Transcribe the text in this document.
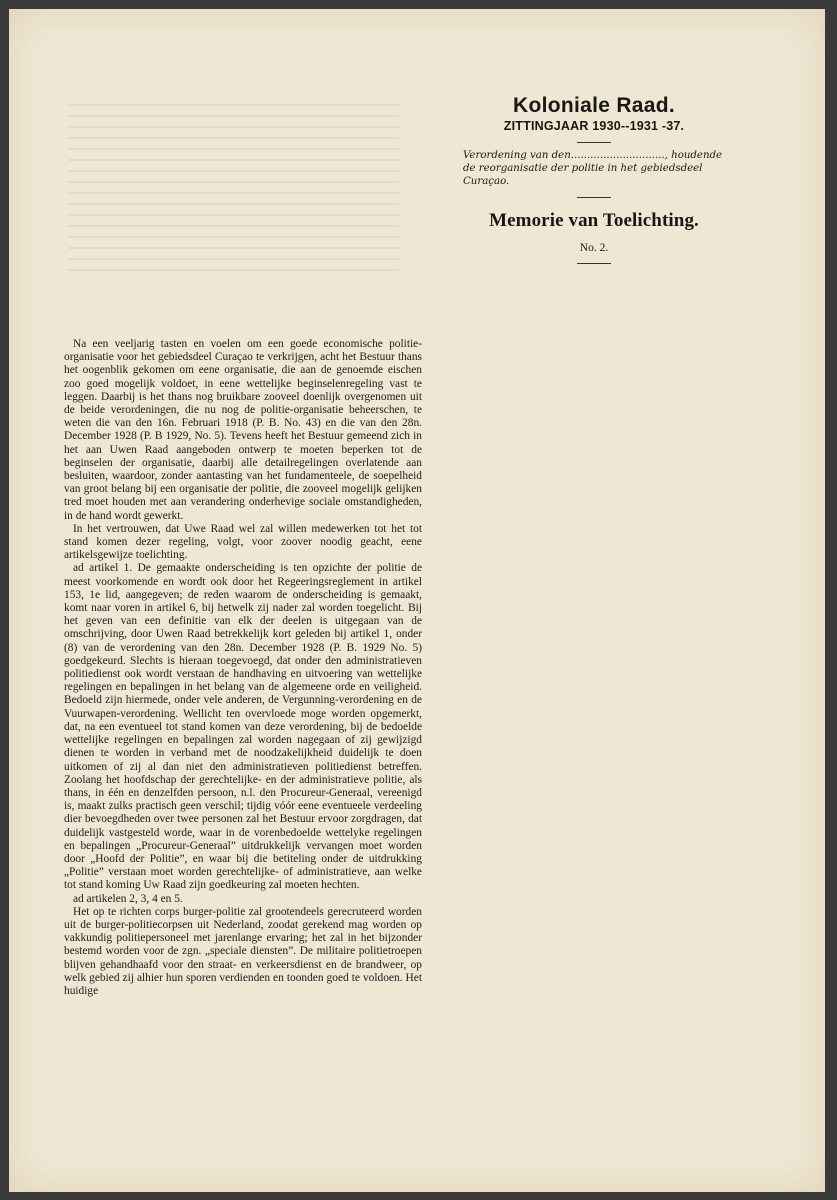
Koloniale Raad.
ZITTINGJAAR 1930--1931 -37.
Verordening van den............................., houdende de reorganisatie der politie in het gebiedsdeel Curaçao.
Memorie van Toelichting.
No. 2.

Na een veeljarig tasten en voelen om een goede economische politie-organisatie voor het gebiedsdeel Curaçao te verkrijgen, acht het Bestuur thans het oogenblik gekomen om eene organisatie, die aan de genoemde eischen zoo goed mogelijk voldoet, in eene wettelijke beginselenregeling vast te leggen. Daarbij is het thans nog bruikbare zooveel doenlijk overgenomen uit de beide verordeningen, die nu nog de politie-organisatie beheerschen, te weten die van den 16n. Februari 1918 (P. B. No. 43) en die van den 28n. December 1928 (P. B 1929, No. 5). Tevens heeft het Bestuur gemeend zich in het aan Uwen Raad aangeboden ontwerp te moeten beperken tot de beginselen der organisatie, daarbij alle detailregelingen overlatende aan besluiten, waardoor, zonder aantasting van het fundamenteele, de soepelheid van groot belang bij een organisatie der politie, die zooveel mogelijk gelijken tred moet houden met aan verandering onderhevige sociale omstandigheden, in de hand wordt gewerkt.

In het vertrouwen, dat Uwe Raad wel zal willen medewerken tot het tot stand komen dezer regeling, volgt, voor zoover noodig geacht, eene artikelsgewijze toelichting.

ad artikel 1. De gemaakte onderscheiding is ten opzichte der politie de meest voorkomende en wordt ook door het Regeeringsreglement in artikel 153, 1e lid, aangegeven; de reden waarom de onderscheiding is gemaakt, komt naar voren in artikel 6, bij hetwelk zij nader zal worden toegelicht. Bij het geven van een definitie van elk der deelen is uitgegaan van de omschrijving, door Uwen Raad betrekkelijk kort geleden bij artikel 1, onder (8) van de verordening van den 28n. December 1928 (P. B. 1929 No. 5) goedgekeurd. Slechts is hieraan toegevoegd, dat onder den administratieven politiedienst ook wordt verstaan de handhaving en uitvoering van wettelijke regelingen en bepalingen in het belang van de algemeene orde en veiligheid. Bedoeld zijn hiermede, onder vele anderen, de Vergunning-verordening en de Vuurwapen-verordening. Wellicht ten overvloede moge worden opgemerkt, dat, na een eventueel tot stand komen van deze verordening, bij de bedoelde wettelijke regelingen en bepalingen zal worden nagegaan of zij gewijzigd dienen te worden in verband met de noodzakelijkheid duidelijk te doen uitkomen of zij al dan niet den administratieven politiedienst betreffen. Zoolang het hoofdschap der gerechtelijke- en der administratieve politie, als thans, in één en denzelfden persoon, n.l. den Procureur-Generaal, vereenigd is, maakt zulks practisch geen verschil; tijdig vóór eene eventueele verdeeling dier bevoegdheden over twee personen zal het Bestuur ervoor zorgdragen, dat duidelijk vastgesteld worde, waar in de vorenbedoelde wettelyke regelingen en bepalingen „Procureur-Generaal” uitdrukkelijk vervangen moet worden door „Hoofd der Politie”, en waar bij die betiteling onder de uitdrukking „Politie” verstaan moet worden gerechtelijke- of administratieve, aan welke tot stand koming Uw Raad zijn goedkeuring zal moeten hechten.

ad artikelen 2, 3, 4 en 5.

Het op te richten corps burger-politie zal grootendeels gerecruteerd worden uit de burger-politiecorpsen uit Nederland, zoodat gerekend mag worden op vakkundig politiepersoneel met jarenlange ervaring; het zal in het bijzonder bestemd worden voor de zgn. „speciale diensten”. De militaire politietroepen blijven gehandhaafd voor den straat- en verkeersdienst en de brandweer, op welk gebied zij alhier hun sporen verdienden en toonden goed te voldoen. Het huidige
